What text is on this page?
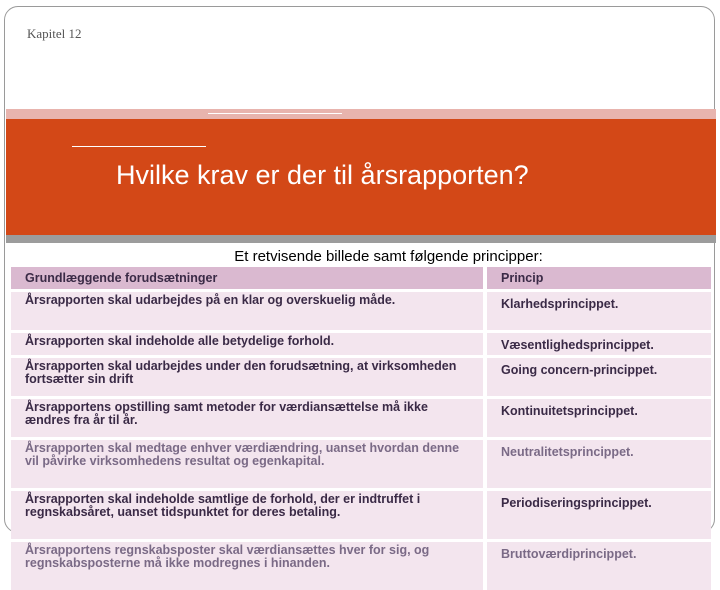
Kapitel 12
Hvilke krav er der til årsrapporten?
Et retvisende billede samt følgende principper:
Grundlæggende forudsætninger	Princip
Årsrapporten skal udarbejdes på en klar og overskuelig måde.	Klarhedsprincippet.
Årsrapporten skal indeholde alle betydelige forhold.	Væsentlighedsprincippet.
Årsrapporten skal udarbejdes under den forudsætning, at virksomheden fortsætter sin drift	Going concern-princippet.
Årsrapportens opstilling samt metoder for værdiansættelse må ikke ændres fra år til år.	Kontinuitetsprincippet.
Årsrapporten skal medtage enhver værdiændring, uanset hvordan denne vil påvirke virksomhedens resultat og egenkapital.	Neutralitetsprincippet.
Årsrapporten skal indeholde samtlige de forhold, der er indtruffet i regnskabsåret, uanset tidspunktet for deres betaling.	Periodiseringsprincippet.
Årsrapportens regnskabsposter skal værdiansættes hver for sig, og regnskabsposterne må ikke modregnes i hinanden.	Bruttoværdiprincippet.
